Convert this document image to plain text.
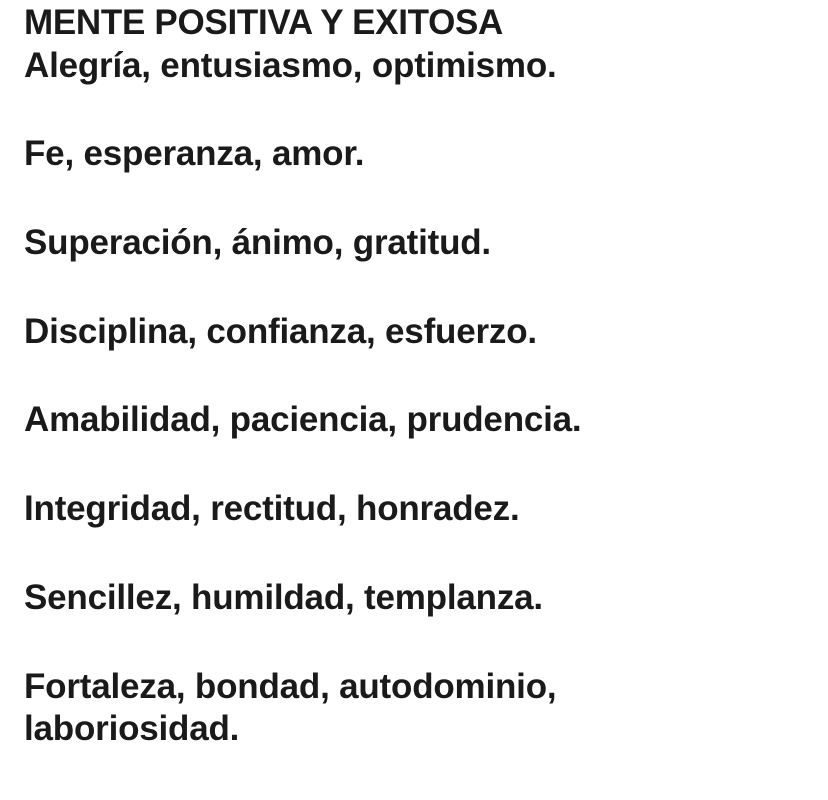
MENTE POSITIVA Y EXITOSA

Alegría, entusiasmo, optimismo.

Fe, esperanza, amor.

Superación, ánimo, gratitud.

Disciplina, confianza, esfuerzo.

Amabilidad, paciencia, prudencia.

Integridad, rectitud, honradez.

Sencillez, humildad, templanza.

Fortaleza, bondad, autodominio,

laboriosidad.
